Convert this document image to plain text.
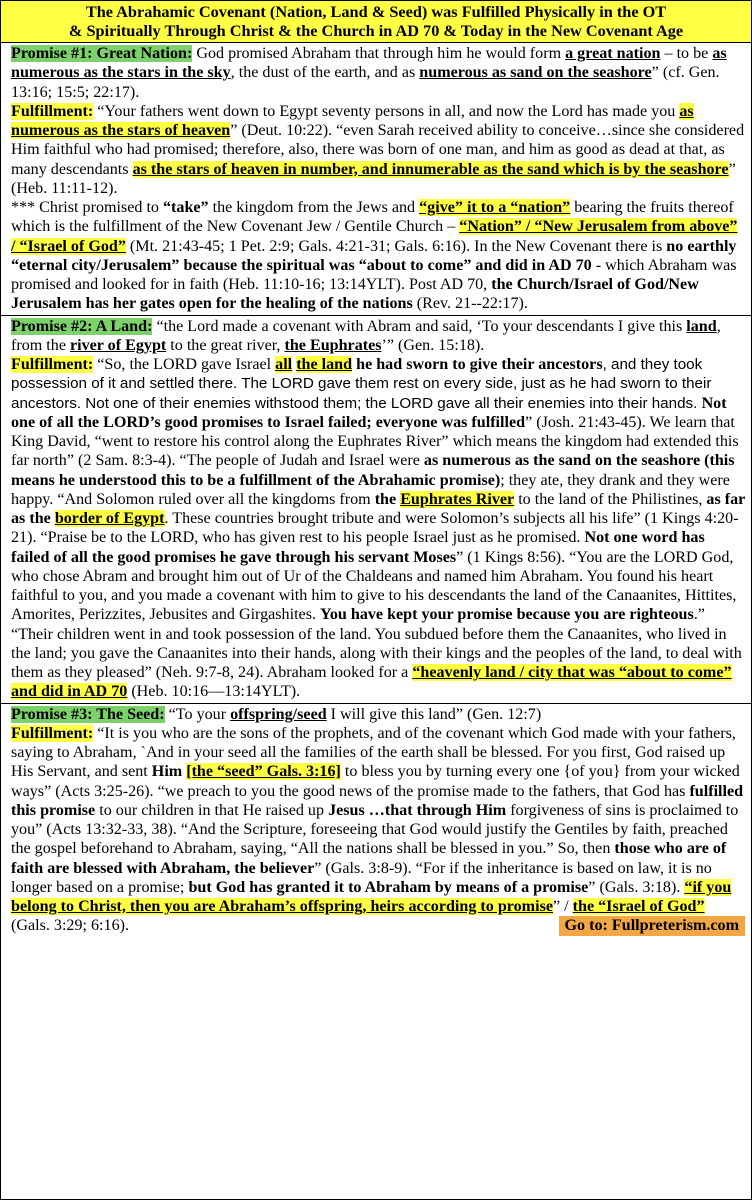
The Abrahamic Covenant (Nation, Land & Seed) was Fulfilled Physically in the OT
& Spiritually Through Christ & the Church in AD 70 & Today in the New Covenant Age

Promise #1: Great Nation: God promised Abraham that through him he would form a great nation – to be as numerous as the stars in the sky, the dust of the earth, and as numerous as sand on the seashore” (cf. Gen. 13:16; 15:5; 22:17).

Fulfillment: “Your fathers went down to Egypt seventy persons in all, and now the Lord has made you as numerous as the stars of heaven” (Deut. 10:22). “even Sarah received ability to conceive…since she considered Him faithful who had promised; therefore, also, there was born of one man, and him as good as dead at that, as many descendants as the stars of heaven in number, and innumerable as the sand which is by the seashore” (Heb. 11:11-12).

*** Christ promised to “take” the kingdom from the Jews and “give” it to a “nation” bearing the fruits thereof which is the fulfillment of the New Covenant Jew / Gentile Church – “Nation” / “New Jerusalem from above” / “Israel of God” (Mt. 21:43-45; 1 Pet. 2:9; Gals. 4:21-31; Gals. 6:16). In the New Covenant there is no earthly “eternal city/Jerusalem” because the spiritual was “about to come” and did in AD 70 - which Abraham was promised and looked for in faith (Heb. 11:10-16; 13:14YLT). Post AD 70, the Church/Israel of God/New Jerusalem has her gates open for the healing of the nations (Rev. 21--22:17).

Promise #2: A Land: “the Lord made a covenant with Abram and said, ‘To your descendants I give this land, from the river of Egypt to the great river, the Euphrates’” (Gen. 15:18).

Fulfillment: “So, the LORD gave Israel all the land he had sworn to give their ancestors, and they took possession of it and settled there. The LORD gave them rest on every side, just as he had sworn to their ancestors. Not one of their enemies withstood them; the LORD gave all their enemies into their hands. Not one of all the LORD’s good promises to Israel failed; everyone was fulfilled” (Josh. 21:43-45). We learn that King David, “went to restore his control along the Euphrates River” which means the kingdom had extended this far north” (2 Sam. 8:3-4). “The people of Judah and Israel were as numerous as the sand on the seashore (this means he understood this to be a fulfillment of the Abrahamic promise); they ate, they drank and they were happy. “And Solomon ruled over all the kingdoms from the Euphrates River to the land of the Philistines, as far as the border of Egypt. These countries brought tribute and were Solomon’s subjects all his life” (1 Kings 4:20-21). “Praise be to the LORD, who has given rest to his people Israel just as he promised. Not one word has failed of all the good promises he gave through his servant Moses” (1 Kings 8:56). “You are the LORD God, who chose Abram and brought him out of Ur of the Chaldeans and named him Abraham. You found his heart faithful to you, and you made a covenant with him to give to his descendants the land of the Canaanites, Hittites, Amorites, Perizzites, Jebusites and Girgashites. You have kept your promise because you are righteous.” “Their children went in and took possession of the land. You subdued before them the Canaanites, who lived in the land; you gave the Canaanites into their hands, along with their kings and the peoples of the land, to deal with them as they pleased” (Neh. 9:7-8, 24). Abraham looked for a “heavenly land / city that was “about to come” and did in AD 70 (Heb. 10:16—13:14YLT).

Promise #3: The Seed: “To your offspring/seed I will give this land” (Gen. 12:7)

Fulfillment: “It is you who are the sons of the prophets, and of the covenant which God made with your fathers, saying to Abraham, `And in your seed all the families of the earth shall be blessed. For you first, God raised up His Servant, and sent Him [the “seed” Gals. 3:16] to bless you by turning every one {of you} from your wicked ways” (Acts 3:25-26). “we preach to you the good news of the promise made to the fathers, that God has fulfilled this promise to our children in that He raised up Jesus …that through Him forgiveness of sins is proclaimed to you” (Acts 13:32-33, 38). “And the Scripture, foreseeing that God would justify the Gentiles by faith, preached the gospel beforehand to Abraham, saying, “All the nations shall be blessed in you.” So, then those who are of faith are blessed with Abraham, the believer” (Gals. 3:8-9). “For if the inheritance is based on law, it is no longer based on a promise; but God has granted it to Abraham by means of a promise” (Gals. 3:18). “if you belong to Christ, then you are Abraham’s offspring, heirs according to promise” / the “Israel of God” (Gals. 3:29; 6:16).	Go to: Fullpreterism.com
